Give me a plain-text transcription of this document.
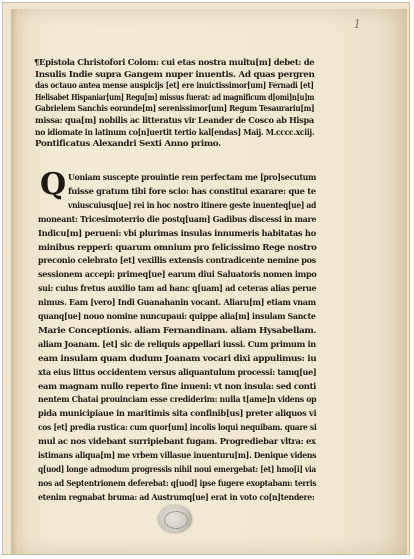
1
¶Epistola Christofori Colom: cui etas nostra multu[m] debet: de
Insulis Indie supra Gangem nuper inuentis. Ad quas pergren
das octauo antea mense auspicijs [et] ere inuictissimor[um] Fernadi [et]
Helisabet Hispaniar[um] Regu[m] missus fuerat: ad magnificum d[omi]n[u]m
Gabrielem Sanchis eorunde[m] serenissimor[um] Regum Tesaurariu[m]
missa: qua[m] nobilis ac litteratus vir Leander de Cosco ab Hispa
no idiomate in latinum co[n]uertit tertio kal[endas] Maij. M.cccc.xciij.
Pontificatus Alexandri Sexti Anno primo.
Q Uoniam suscepte prouintie rem perfectam me [pro]secutum
fuisse gratum tibi fore scio: has constitui exarare: que te
vniuscuiusq[ue] rei in hoc nostro itinere geste inuenteq[ue] ad
moneant: Tricesimoterrio die postq[uam] Gadibus discessi in mare
Indicu[m] perueni: vbi plurimas insulas innumeris habitatas ho
minibus repperi: quarum omnium pro felicissimo Rege nostro
preconio celebrato [et] vexillis extensis contradicente nemine pos
sessionem accepi: primeq[ue] earum diui Saluatoris nomen impo
sui: cuius fretus auxilio tam ad hanc q[uam] ad ceteras alias perue
nimus. Eam [vero] Indi Guanahanin vocant. Aliaru[m] etiam vnam
quanq[ue] nouo nomine nuncupaui: quippe alia[m] insulam Sancte
Marie Conceptionis. aliam Fernandinam. aliam Hysabellam.
aliam Joanam. [et] sic de reliquis appellari iussi. Cum primum in
eam insulam quam dudum Joanam vocari dixi appulimus: iu
xta eius littus occidentem versus aliquantulum processi: tamq[ue]
eam magnam nullo reperto fine inueni: vt non insula: sed conti
nentem Chatai prouinciam esse crediderim: nulla t[ame]n videns op
pida municipiaue in maritimis sita confinib[us] preter aliquos vi
cos [et] predia rustica: cum quor[um] incolis loqui nequibam. quare si
mul ac nos videbant surripiebant fugam. Progrediebar vltra: ex
istimans aliqua[m] me vrbem villasue inuenturu[m]. Denique videns
q[uod] longe admodum progressis nihil noui emergebat: [et] hmo[i] via
nos ad Septentrionem deferebat: q[uod] ipse fugere exoptabam: terris
etenim regnabat bruma: ad Austrumq[ue] erat in voto co[n]tendere:
